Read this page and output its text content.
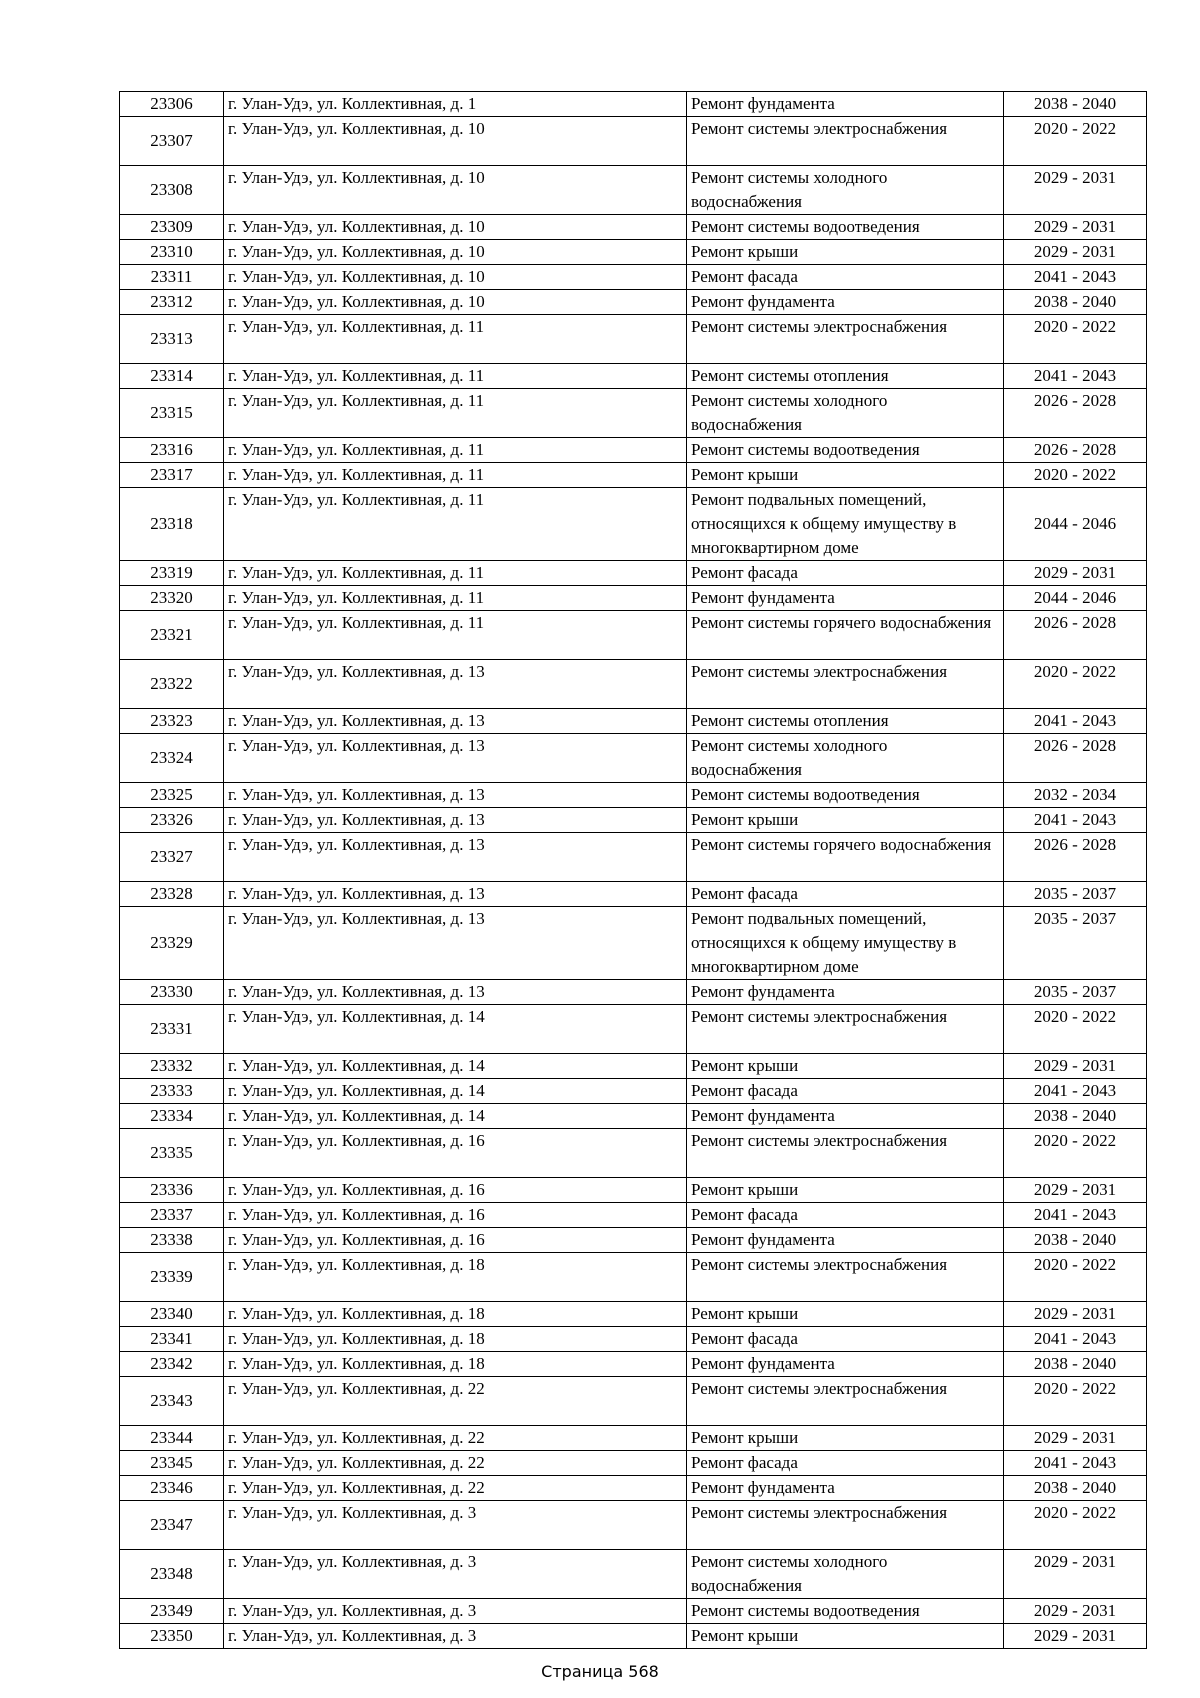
23306	г. Улан-Удэ, ул. Коллективная, д. 1	Ремонт фундамента	2038 - 2040
23307	г. Улан-Удэ, ул. Коллективная, д. 10	Ремонт системы электроснабжения	2020 - 2022
23308	г. Улан-Удэ, ул. Коллективная, д. 10	Ремонт системы холодного водоснабжения	2029 - 2031
23309	г. Улан-Удэ, ул. Коллективная, д. 10	Ремонт системы водоотведения	2029 - 2031
23310	г. Улан-Удэ, ул. Коллективная, д. 10	Ремонт крыши	2029 - 2031
23311	г. Улан-Удэ, ул. Коллективная, д. 10	Ремонт фасада	2041 - 2043
23312	г. Улан-Удэ, ул. Коллективная, д. 10	Ремонт фундамента	2038 - 2040
23313	г. Улан-Удэ, ул. Коллективная, д. 11	Ремонт системы электроснабжения	2020 - 2022
23314	г. Улан-Удэ, ул. Коллективная, д. 11	Ремонт системы отопления	2041 - 2043
23315	г. Улан-Удэ, ул. Коллективная, д. 11	Ремонт системы холодного водоснабжения	2026 - 2028
23316	г. Улан-Удэ, ул. Коллективная, д. 11	Ремонт системы водоотведения	2026 - 2028
23317	г. Улан-Удэ, ул. Коллективная, д. 11	Ремонт крыши	2020 - 2022
23318	г. Улан-Удэ, ул. Коллективная, д. 11	Ремонт подвальных помещений, относящихся к общему имуществу в многоквартирном доме	2044 - 2046
23319	г. Улан-Удэ, ул. Коллективная, д. 11	Ремонт фасада	2029 - 2031
23320	г. Улан-Удэ, ул. Коллективная, д. 11	Ремонт фундамента	2044 - 2046
23321	г. Улан-Удэ, ул. Коллективная, д. 11	Ремонт системы горячего водоснабжения	2026 - 2028
23322	г. Улан-Удэ, ул. Коллективная, д. 13	Ремонт системы электроснабжения	2020 - 2022
23323	г. Улан-Удэ, ул. Коллективная, д. 13	Ремонт системы отопления	2041 - 2043
23324	г. Улан-Удэ, ул. Коллективная, д. 13	Ремонт системы холодного водоснабжения	2026 - 2028
23325	г. Улан-Удэ, ул. Коллективная, д. 13	Ремонт системы водоотведения	2032 - 2034
23326	г. Улан-Удэ, ул. Коллективная, д. 13	Ремонт крыши	2041 - 2043
23327	г. Улан-Удэ, ул. Коллективная, д. 13	Ремонт системы горячего водоснабжения	2026 - 2028
23328	г. Улан-Удэ, ул. Коллективная, д. 13	Ремонт фасада	2035 - 2037
23329	г. Улан-Удэ, ул. Коллективная, д. 13	Ремонт подвальных помещений, относящихся к общему имуществу в многоквартирном доме	2035 - 2037
23330	г. Улан-Удэ, ул. Коллективная, д. 13	Ремонт фундамента	2035 - 2037
23331	г. Улан-Удэ, ул. Коллективная, д. 14	Ремонт системы электроснабжения	2020 - 2022
23332	г. Улан-Удэ, ул. Коллективная, д. 14	Ремонт крыши	2029 - 2031
23333	г. Улан-Удэ, ул. Коллективная, д. 14	Ремонт фасада	2041 - 2043
23334	г. Улан-Удэ, ул. Коллективная, д. 14	Ремонт фундамента	2038 - 2040
23335	г. Улан-Удэ, ул. Коллективная, д. 16	Ремонт системы электроснабжения	2020 - 2022
23336	г. Улан-Удэ, ул. Коллективная, д. 16	Ремонт крыши	2029 - 2031
23337	г. Улан-Удэ, ул. Коллективная, д. 16	Ремонт фасада	2041 - 2043
23338	г. Улан-Удэ, ул. Коллективная, д. 16	Ремонт фундамента	2038 - 2040
23339	г. Улан-Удэ, ул. Коллективная, д. 18	Ремонт системы электроснабжения	2020 - 2022
23340	г. Улан-Удэ, ул. Коллективная, д. 18	Ремонт крыши	2029 - 2031
23341	г. Улан-Удэ, ул. Коллективная, д. 18	Ремонт фасада	2041 - 2043
23342	г. Улан-Удэ, ул. Коллективная, д. 18	Ремонт фундамента	2038 - 2040
23343	г. Улан-Удэ, ул. Коллективная, д. 22	Ремонт системы электроснабжения	2020 - 2022
23344	г. Улан-Удэ, ул. Коллективная, д. 22	Ремонт крыши	2029 - 2031
23345	г. Улан-Удэ, ул. Коллективная, д. 22	Ремонт фасада	2041 - 2043
23346	г. Улан-Удэ, ул. Коллективная, д. 22	Ремонт фундамента	2038 - 2040
23347	г. Улан-Удэ, ул. Коллективная, д. 3	Ремонт системы электроснабжения	2020 - 2022
23348	г. Улан-Удэ, ул. Коллективная, д. 3	Ремонт системы холодного водоснабжения	2029 - 2031
23349	г. Улан-Удэ, ул. Коллективная, д. 3	Ремонт системы водоотведения	2029 - 2031
23350	г. Улан-Удэ, ул. Коллективная, д. 3	Ремонт крыши	2029 - 2031
Страница 568
